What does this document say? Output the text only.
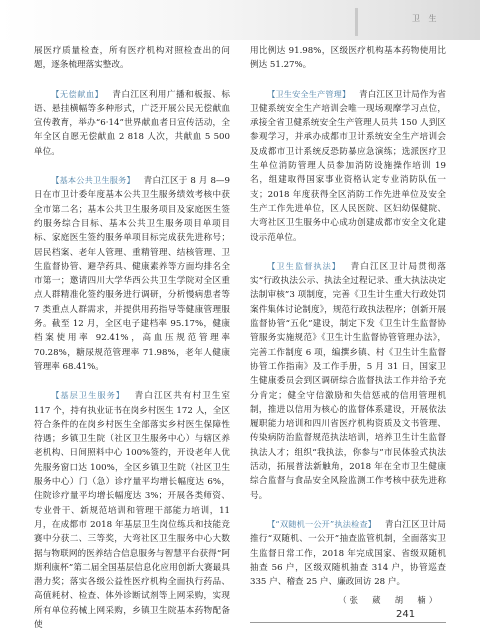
卫 生

展医疗质量检查，所有医疗机构对照检查出的问题，逐条梳理落实整改。

【无偿献血】  青白江区利用广播和板报、标语、悬挂横幅等多种形式，广泛开展公民无偿献血宣传教育，举办“6·14”世界献血者日宣传活动，全年全区自愿无偿献血 2 818 人次，共献血 5 500 单位。

【基本公共卫生服务】  青白江区于 8 月 8—9 日在市卫计委年度基本公共卫生服务绩效考核中获全市第二名；基本公共卫生服务项目及家庭医生签约服务综合目标、基本公共卫生服务项目单项目标、家庭医生签约服务单项目标完成获先进称号；居民档案、老年人管理、重精管理、结核管理、卫生监督协管、避孕药具、健康素养等方面均排名全市第一；邀请四川大学华西公共卫生学院对全区重点人群精准化签约服务进行调研，分析慢病患者等 7 类重点人群需求，并提供用药指导等健康管理服务。截至 12 月，全区电子建档率 95.17%，健康档案使用率 92.41%，高血压规范管理率 70.28%，糖尿规范管理率 71.98%，老年人健康管理率 68.41%。

【基层卫生服务】  青白江区共有村卫生室 117 个，持有执业证书在岗乡村医生 172 人，全区符合条件的在岗乡村医生全部落实乡村医生保障性待遇；乡镇卫生院（社区卫生服务中心）与辖区养老机构、日间照料中心 100%签约，开设老年人优先服务窗口达 100%，全区乡镇卫生院（社区卫生服务中心）门（急）诊疗量平均增长幅度达 6%，住院诊疗量平均增长幅度达 3%；开展各类师资、专业骨干、新规范培训和管理干部能力培训，11 月，在成都市 2018 年基层卫生岗位练兵和技能竞赛中分获二、三等奖，大弯社区卫生服务中心大数据与物联网的医养结合信息服务与智慧平台获得“阿斯利康杯”第二届全国基层信息化应用创新大赛最具潜力奖；落实各级公益性医疗机构全面执行药品、高值耗材、检查、体外诊断试剂等上网采购，实现所有单位药械上网采购，乡镇卫生院基本药物配备使

用比例达 91.98%，区级医疗机构基本药物使用比例达 51.27%。

【卫生安全生产管理】  青白江区卫计局作为省卫健系统安全生产培训会唯一现场观摩学习点位，承接全省卫健系统安全生产管理人员共 150 人到区参观学习，并承办成都市卫计系统安全生产培训会及成都市卫计系统反恐防暴应急演练；选派医疗卫生单位消防管理人员参加消防设施操作培训 19 名，组建取得国家事业资格认定专业消防队伍一支；2018 年度获得全区消防工作先进单位及安全生产工作先进单位，区人民医院、区妇幼保健院、大弯社区卫生服务中心成功创建成都市安全文化建设示范单位。

【卫生监督执法】  青白江区卫计局贯彻落实“行政执法公示、执法全过程记录、重大执法决定法制审核”3 项制度，完善《卫生计生重大行政处罚案件集体讨论制度》，规范行政执法程序；创新开展监督协管“五化”建设，制定下发《卫生计生监督协管服务实施规范》《卫生计生监督协管管理办法》，完善工作制度 6 项，编撰乡镇、村《卫生计生监督协管工作指南》及工作手册，5 月 31 日，国家卫生健康委员会到区调研综合监督执法工作并给予充分肯定；健全守信激励和失信惩戒的信用管理机制，推进以信用为核心的监督体系建设，开展依法履职能力培训和四川省医疗机构资质及文书管理、传染病防治监督规范执法培训，培养卫生计生监督执法人才；组织“我执法，你参与”市民体验式执法活动，拓展普法新触角，2018 年在全市卫生健康综合监督与食品安全风险监测工作考核中获先进称号。

【“双随机一公开”执法检查】  青白江区卫计局推行“双随机、一公开”抽查监管机制，全面落实卫生监督日常工作，2018 年完成国家、省级双随机抽查 56 户，区级双随机抽查 314 户，协管巡查 335 户、稽查 25 户、廉政回访 28 户。

（张　葳　胡　楠）
241
